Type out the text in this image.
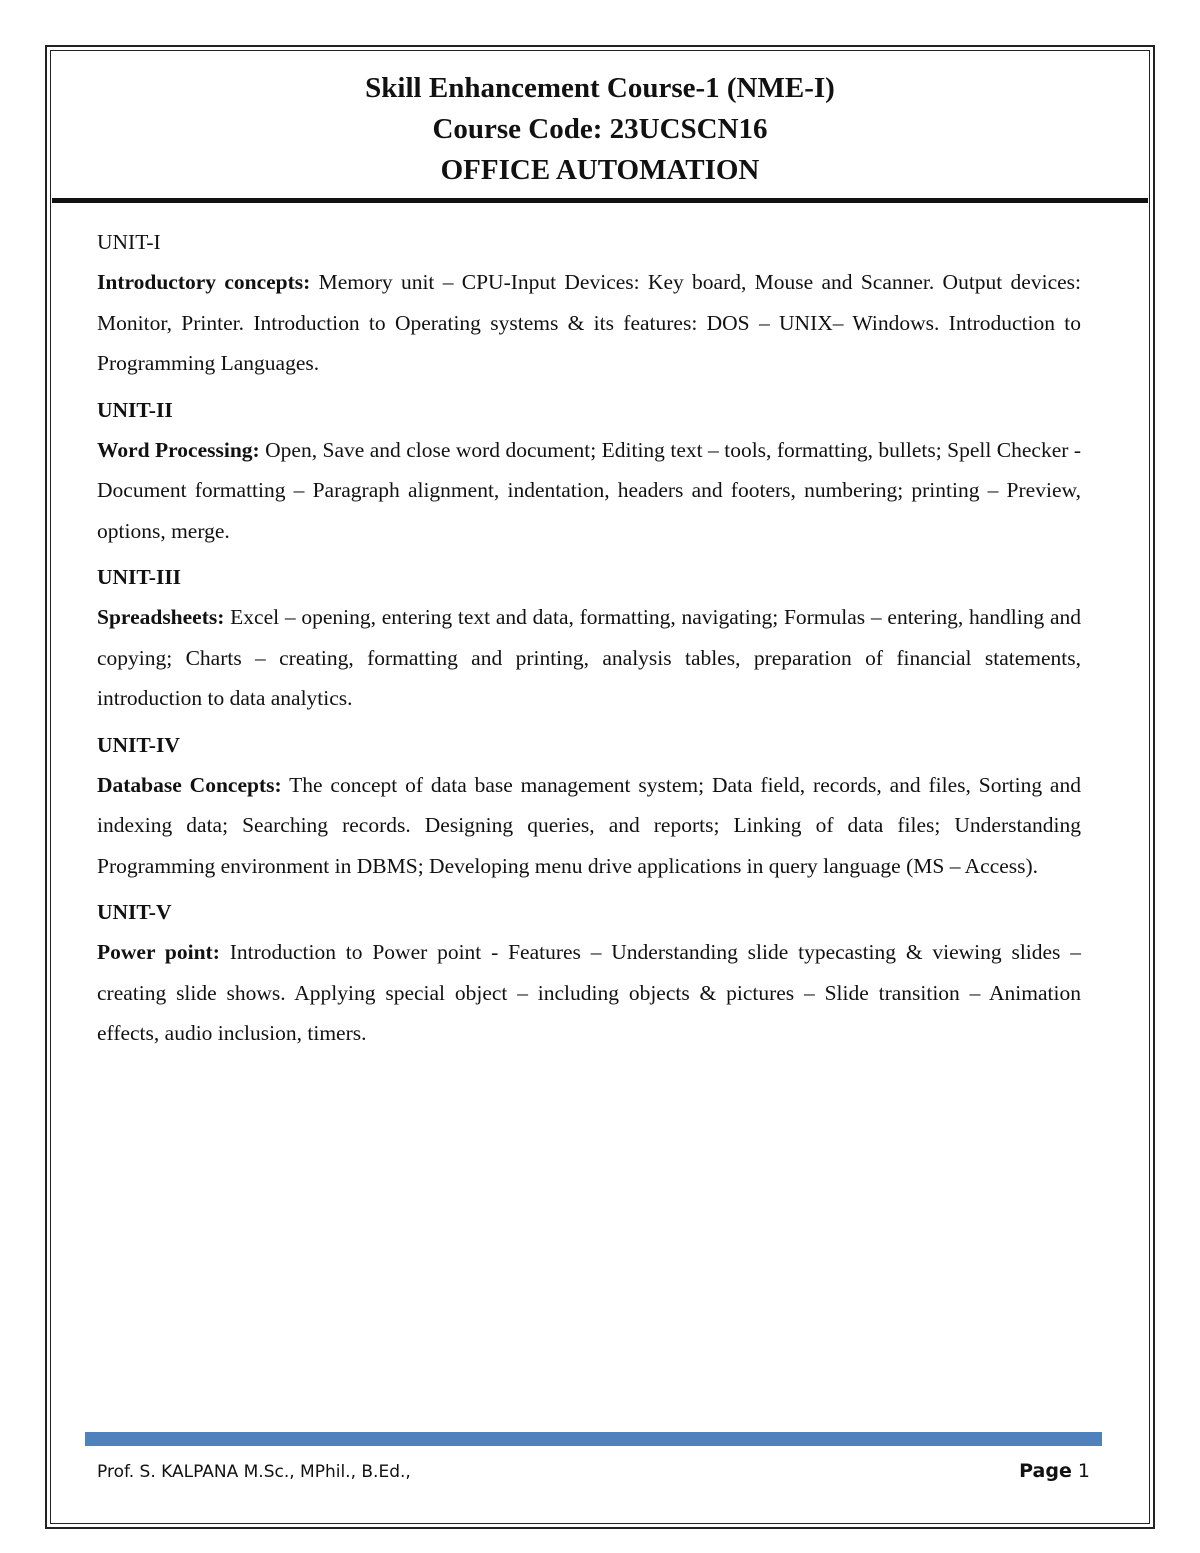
Skill Enhancement Course-1 (NME-I)
Course Code: 23UCSCN16
OFFICE AUTOMATION

UNIT-I

Introductory concepts: Memory unit – CPU-Input Devices: Key board, Mouse and Scanner. Output devices: Monitor, Printer. Introduction to Operating systems & its features: DOS – UNIX– Windows. Introduction to Programming Languages.

UNIT-II

Word Processing: Open, Save and close word document; Editing text – tools, formatting, bullets; Spell Checker - Document formatting – Paragraph alignment, indentation, headers and footers, numbering; printing – Preview, options, merge.

UNIT-III

Spreadsheets: Excel – opening, entering text and data, formatting, navigating; Formulas – entering, handling and copying; Charts – creating, formatting and printing, analysis tables, preparation of financial statements, introduction to data analytics.

UNIT-IV

Database Concepts: The concept of data base management system; Data field, records, and files, Sorting and indexing data; Searching records. Designing queries, and reports; Linking of data files; Understanding Programming environment in DBMS; Developing menu drive applications in query language (MS – Access).

UNIT-V

Power point: Introduction to Power point - Features – Understanding slide typecasting & viewing slides – creating slide shows. Applying special object – including objects & pictures – Slide transition – Animation effects, audio inclusion, timers.

Prof. S. KALPANA M.Sc., MPhil., B.Ed.,	Page 1
